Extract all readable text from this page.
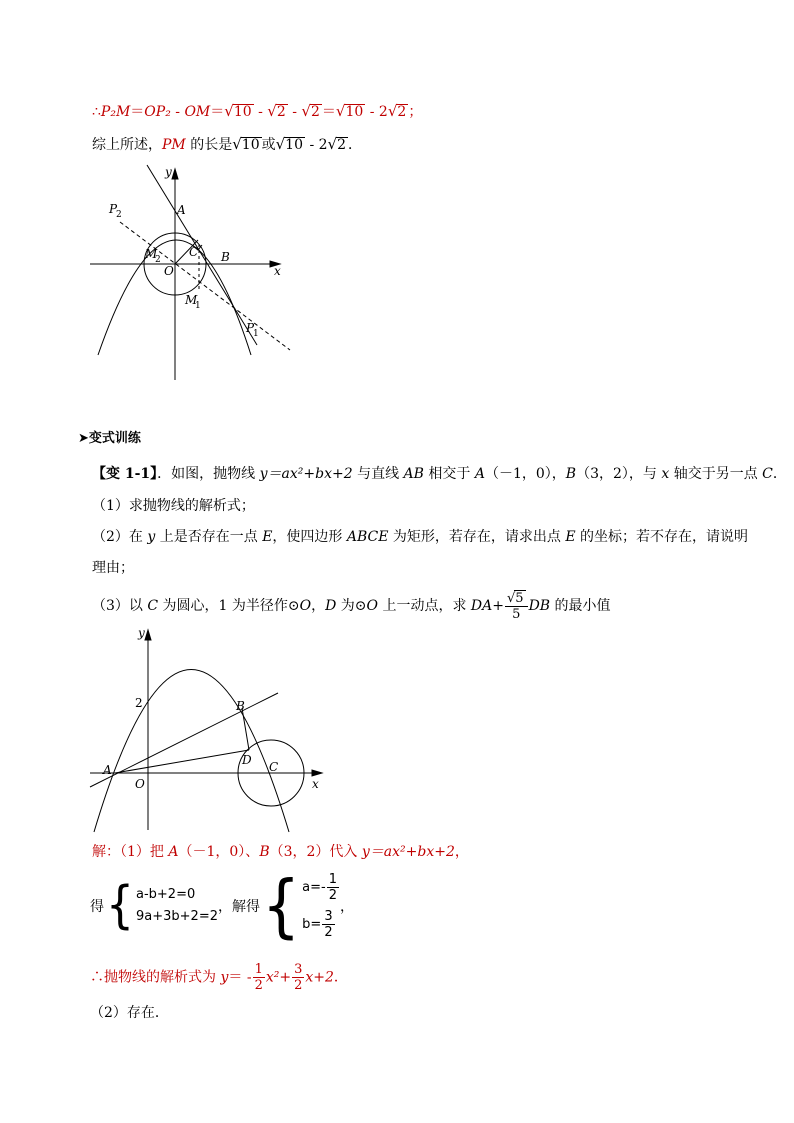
∴P₂M＝OP₂ - OM＝√10 - √2 - √2 ＝√10 - 2√2 ；
综上所述，PM 的长是√10 或√10 - 2√2 ．
y
x
A
B
C
O
P
2
M
2
M
1
P
1
➤变式训练
【变 1-1】．如图，抛物线 y＝ax²+bx+2 与直线 AB 相交于 A（－1，0），B（3，2），与 x 轴交于另一点 C．
（1）求抛物线的解析式；
（2）在 y 上是否存在一点 E，使四边形 ABCE 为矩形，若存在，请求出点 E 的坐标；若不存在，请说明
理由；
（3）以 C 为圆心，1 为半径作⊙O，D 为⊙O 上一动点，求 $DA+ \frac{√5}{5}$ DB 的最小值
y
x
2
A
O
B
D C
解：（1）把 A（－1，0）、B（3，2）代入 y＝ax²+bx+2，
得 { a-b+2=0
9a+3b+2=2
，解得 { $a=- \frac{1}{2}$
$b= \frac{3}{2}$
，
∴抛物线的解析式为 $y= - \frac{1}{2} x^2+ \frac{3}{2} x+2$．
（2）存在．
